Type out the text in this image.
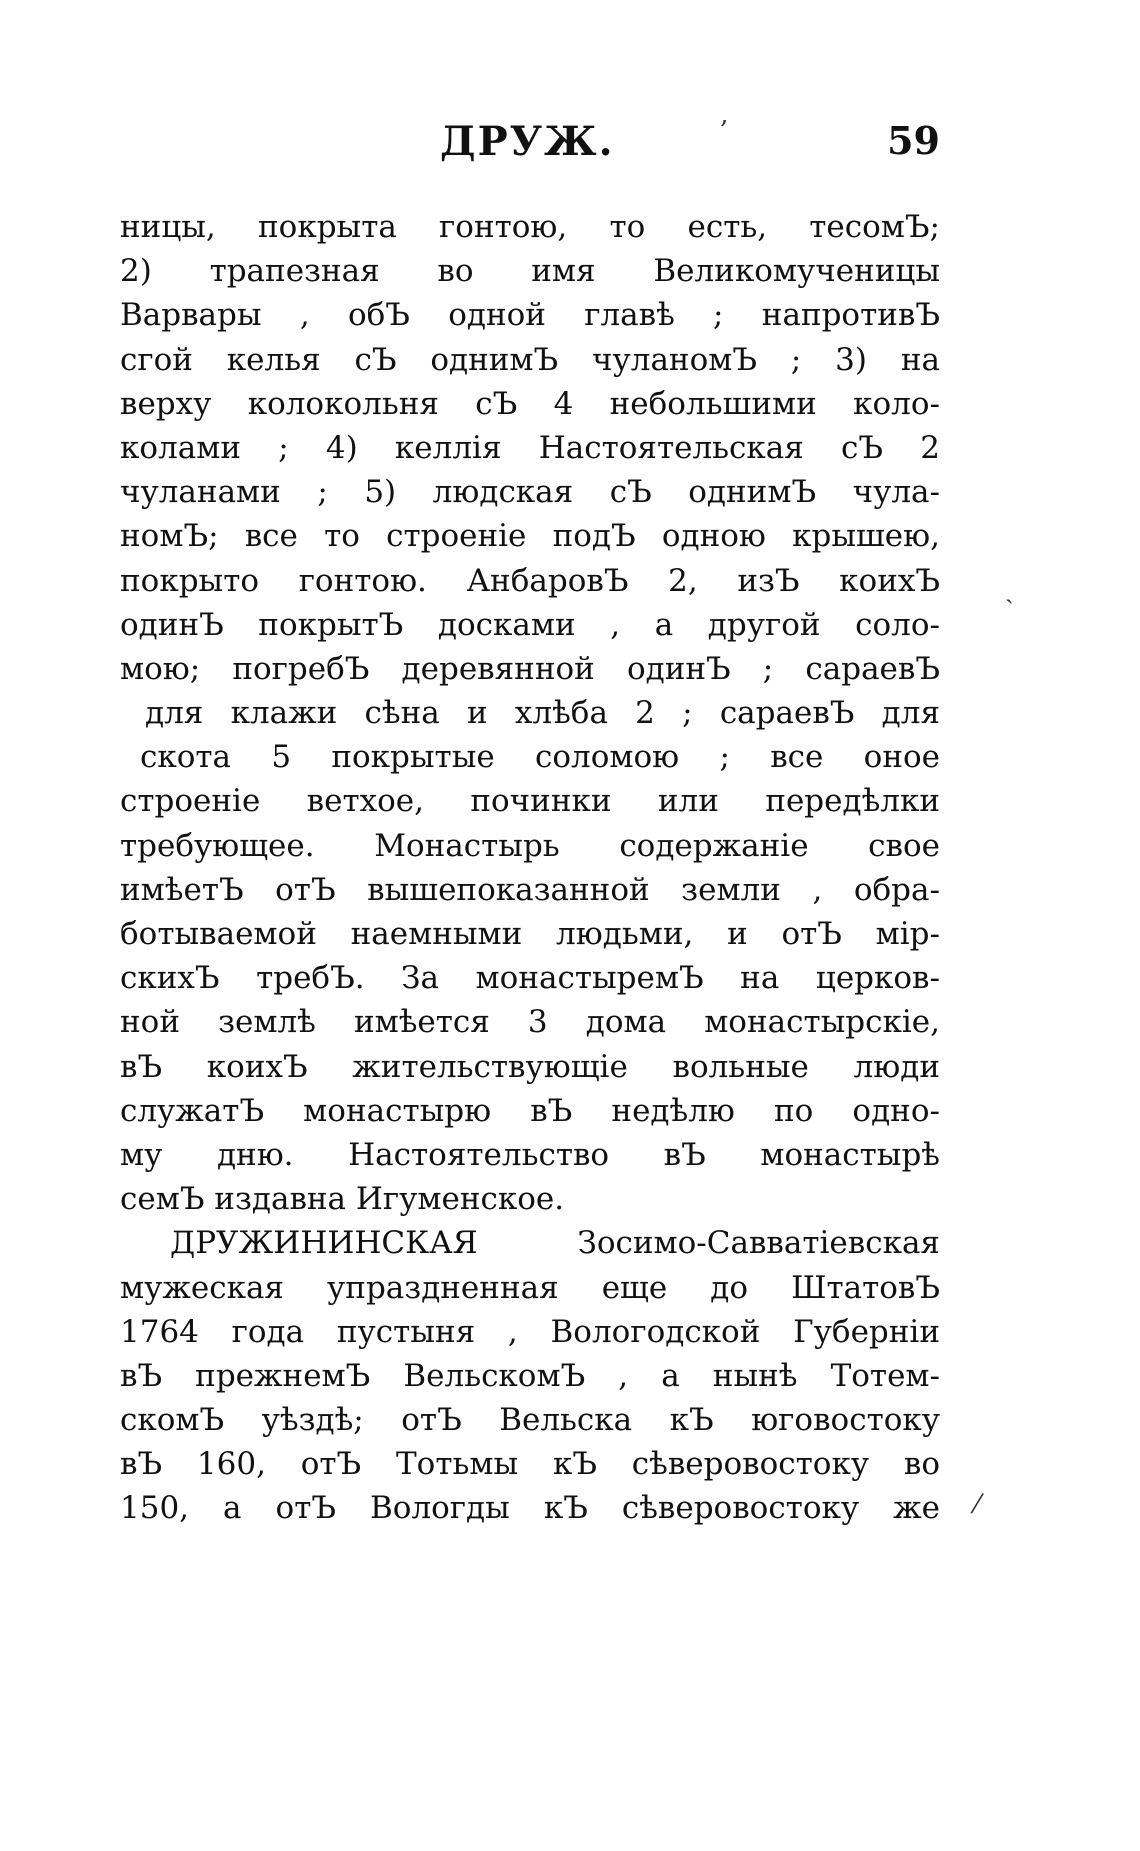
ДРУЖ.	59
ницы, покрыта гонтою, то есть, тесомЪ;
2) трапезная во имя Великомученицы
Варвары , обЪ одной главѣ ; напротивЪ
сгой келья сЪ однимЪ чуланомЪ ; 3) на
верху колокольня сЪ 4 небольшими коло-
колами ; 4) келлія Настоятельская сЪ 2
чуланами ; 5) людская сЪ однимЪ чула-
номЪ; все то строеніе подЪ одною крышею,
покрыто гонтою. АнбаровЪ 2, изЪ коихЪ
одинЪ покрытЪ досками , а другой соло-
мою; погребЪ деревянной одинЪ ; сараевЪ
для клажи сѣна и хлѣба 2 ; сараевЪ для
скота 5 покрытые соломою ; все оное
строеніе ветхое, починки или передѣлки
требующее. Монастырь содержаніе свое
имѣетЪ отЪ вышепоказанной земли , обра-
ботываемой наемными людьми, и отЪ мір-
скихЪ требЪ. За монастыремЪ на церков-
ной землѣ имѣется 3 дома монастырскіе,
вЪ коихЪ жительствующіе вольные люди
служатЪ монастырю вЪ недѣлю по одно-
му дню. Настоятельство вЪ монастырѣ
семЪ издавна Игуменское.
ДРУЖИНИНСКАЯ Зосимо-Савватіевская
мужеская упраздненная еще до ШтатовЪ
1764 года пустыня , Вологодской Губерніи
вЪ прежнемЪ ВельскомЪ , а нынѣ Тотем-
скомЪ уѣздѣ; отЪ Вельска кЪ юговостоку
вЪ 160, отЪ Тотьмы кЪ сѣверовостоку во
150, а отЪ Вологды кЪ сѣверовостоку же
‚
ˏ
⁄
